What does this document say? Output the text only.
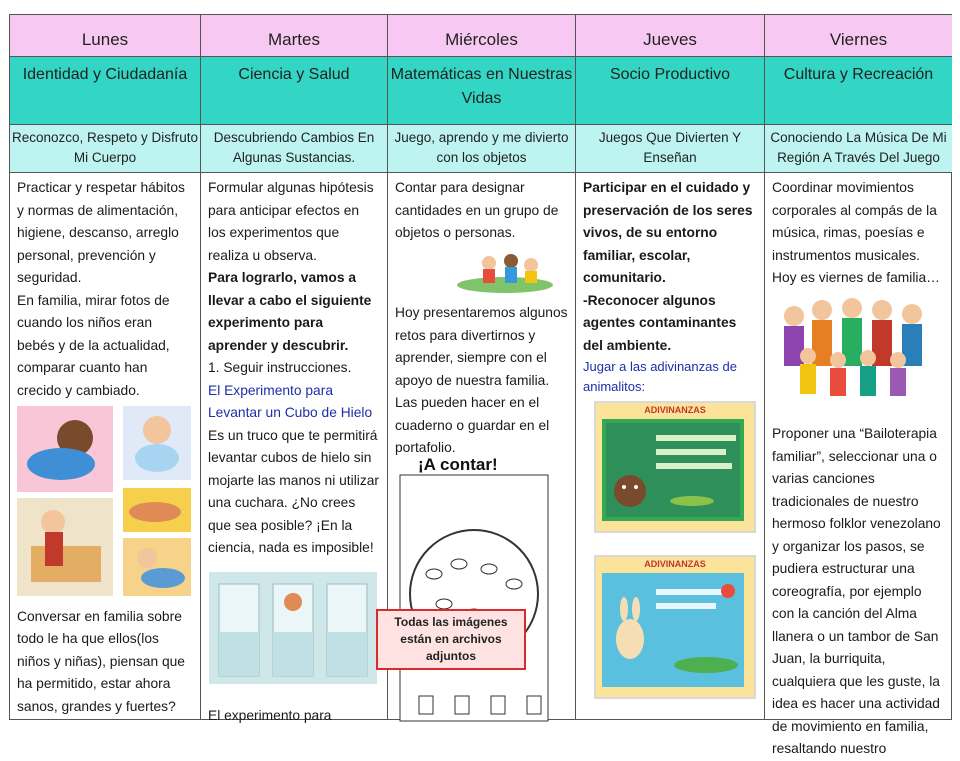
Lunes
Identidad y Ciudadanía
Reconozco, Respeto y Disfruto Mi Cuerpo

Practicar y respetar hábitos y normas de alimentación, higiene, descanso, arreglo personal, prevención y seguridad.

En familia, mirar fotos de cuando los niños eran bebés y de la actualidad, comparar cuanto han crecido y cambiado.

Conversar en familia sobre todo le ha que ellos(los niños y niñas), piensan que ha permitido, estar ahora sanos, grandes y fuertes?

Martes
Ciencia y Salud
Descubriendo Cambios En Algunas Sustancias.

Formular algunas hipótesis para anticipar efectos en los experimentos que realiza u observa.

Para lograrlo, vamos a llevar a cabo el siguiente experimento para aprender y descubrir.

1. Seguir instrucciones.

El Experimento para Levantar un Cubo de Hielo

Es un truco que te permitirá levantar cubos de hielo sin mojarte las manos ni utilizar una cuchara. ¿No crees que sea posible? ¡En la ciencia, nada es imposible!

El experimento para

Miércoles
Matemáticas en Nuestras Vidas
Juego, aprendo y me divierto con los objetos

Contar para designar cantidades en un grupo de objetos o personas.

Hoy presentaremos algunos retos para divertirnos y aprender, siempre con el apoyo de nuestra familia. Las pueden hacer en el cuaderno o guardar en el portafolio.

¡A contar!
Todas las imágenes están en archivos adjuntos
Jueves
Socio Productivo
Juegos Que Divierten Y Enseñan

Participar en el cuidado y preservación de los seres vivos, de su entorno familiar, escolar, comunitario.

-Reconocer algunos agentes contaminantes del ambiente.

Jugar a las adivinanzas de animalitos:

ADIVINANZAS
ADIVINANZAS
Viernes
Cultura y Recreación
Conociendo La Música De Mi Región A Través Del Juego

Coordinar movimientos corporales al compás de la música, rimas, poesías e instrumentos musicales.

Hoy es viernes de familia…

Proponer una “Bailoterapia familiar”, seleccionar una o varias canciones tradicionales de nuestro hermoso folklor venezolano y organizar los pasos, se pudiera estructurar una coreografía, por ejemplo con la canción del Alma llanera o un tambor de San Juan, la burriquita, cualquiera que les guste, la idea es hacer una actividad de movimiento en familia, resaltando nuestro
